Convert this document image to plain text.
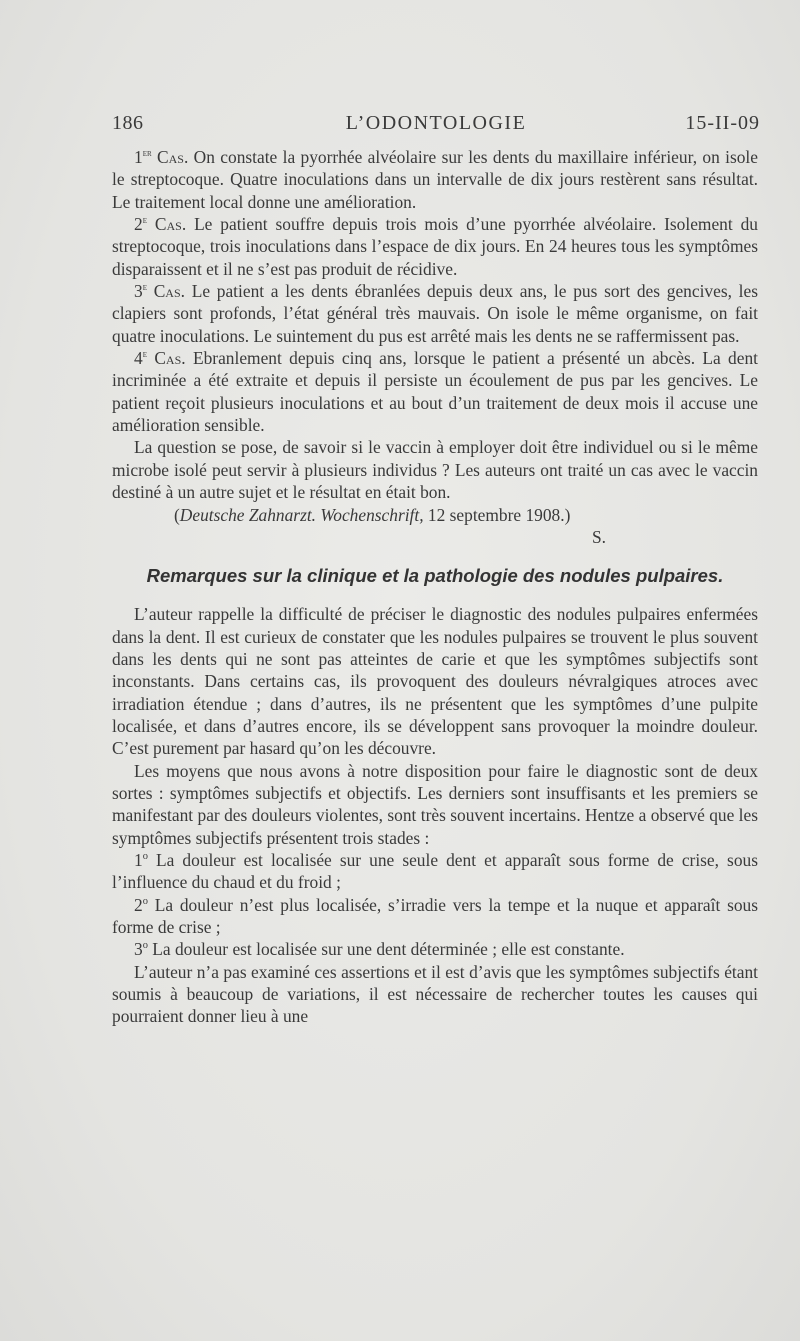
186	L’ODONTOLOGIE	15-II-09

1er Cas. On constate la pyorrhée alvéolaire sur les dents du maxillaire inférieur, on isole le streptocoque. Quatre inoculations dans un intervalle de dix jours restèrent sans résultat. Le traitement local donne une amélioration.

2e Cas. Le patient souffre depuis trois mois d’une pyorrhée alvéolaire. Isolement du streptocoque, trois inoculations dans l’espace de dix jours. En 24 heures tous les symptômes disparaissent et il ne s’est pas produit de récidive.

3e Cas. Le patient a les dents ébranlées depuis deux ans, le pus sort des gencives, les clapiers sont profonds, l’état général très mauvais. On isole le même organisme, on fait quatre inoculations. Le suintement du pus est arrêté mais les dents ne se raffermissent pas.

4e Cas. Ebranlement depuis cinq ans, lorsque le patient a présenté un abcès. La dent incriminée a été extraite et depuis il persiste un écoulement de pus par les gencives. Le patient reçoit plusieurs inoculations et au bout d’un traitement de deux mois il accuse une amélioration sensible.

La question se pose, de savoir si le vaccin à employer doit être individuel ou si le même microbe isolé peut servir à plusieurs individus ? Les auteurs ont traité un cas avec le vaccin destiné à un autre sujet et le résultat en était bon.

(Deutsche Zahnarzt. Wochenschrift, 12 septembre 1908.)

S.

Remarques sur la clinique et la pathologie des nodules pulpaires.

L’auteur rappelle la difficulté de préciser le diagnostic des nodules pulpaires enfermées dans la dent. Il est curieux de constater que les nodules pulpaires se trouvent le plus souvent dans les dents qui ne sont pas atteintes de carie et que les symptômes subjectifs sont inconstants. Dans certains cas, ils provoquent des douleurs névralgiques atroces avec irradiation étendue ; dans d’autres, ils ne présentent que les symptômes d’une pulpite localisée, et dans d’autres encore, ils se développent sans provoquer la moindre douleur. C’est purement par hasard qu’on les découvre.

Les moyens que nous avons à notre disposition pour faire le diagnostic sont de deux sortes : symptômes subjectifs et objectifs. Les derniers sont insuffisants et les premiers se manifestant par des douleurs violentes, sont très souvent incertains. Hentze a observé que les symptômes subjectifs présentent trois stades :

1$^o$ La douleur est localisée sur une seule dent et apparaît sous forme de crise, sous l’influence du chaud et du froid ;

2$^o$ La douleur n’est plus localisée, s’irradie vers la tempe et la nuque et apparaît sous forme de crise ;

3$^o$ La douleur est localisée sur une dent déterminée ; elle est constante.

L’auteur n’a pas examiné ces assertions et il est d’avis que les symptômes subjectifs étant soumis à beaucoup de variations, il est nécessaire de rechercher toutes les causes qui pourraient donner lieu à une
